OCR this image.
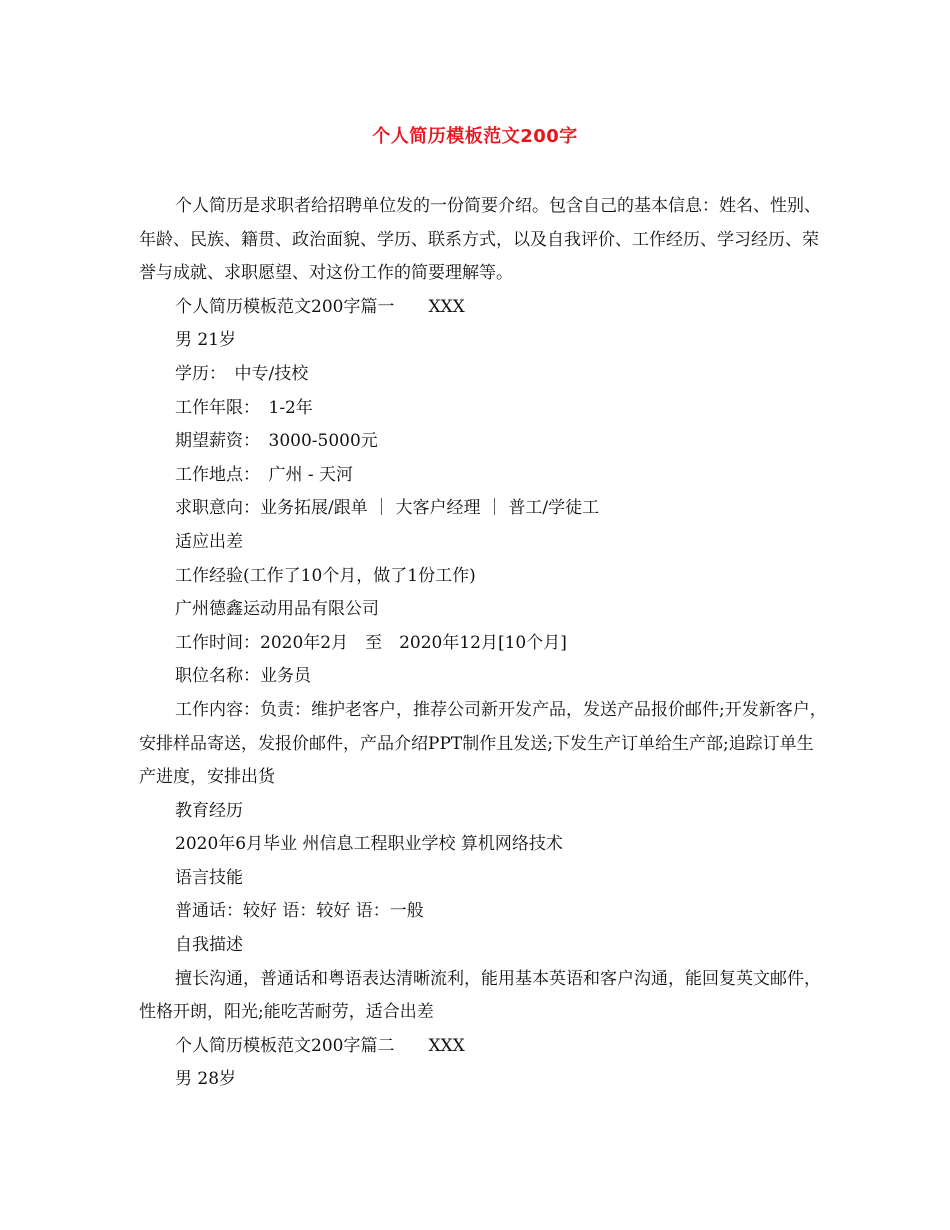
个人简历模板范文200字

个人简历是求职者给招聘单位发的一份简要介绍。包含自己的基本信息：姓名、性别、年龄、民族、籍贯、政治面貌、学历、联系方式，以及自我评价、工作经历、学习经历、荣誉与成就、求职愿望、对这份工作的简要理解等。

个人简历模板范文200字篇一　　XXX

男 21岁

学历：　中专/技校

工作年限：　1-2年

期望薪资：　3000-5000元

工作地点：　广州 - 天河

求职意向：业务拓展/跟单 ｜ 大客户经理 ｜ 普工/学徒工

适应出差

工作经验(工作了10个月，做了1份工作)

广州德鑫运动用品有限公司

工作时间：2020年2月　至　2020年12月[10个月]

职位名称：业务员

工作内容：负责：维护老客户，推荐公司新开发产品，发送产品报价邮件;开发新客户，安排样品寄送，发报价邮件，产品介绍PPT制作且发送;下发生产订单给生产部;追踪订单生产进度，安排出货

教育经历

2020年6月毕业 州信息工程职业学校 算机网络技术

语言技能

普通话：较好 语：较好 语：一般

自我描述

擅长沟通，普通话和粤语表达清晰流利，能用基本英语和客户沟通，能回复英文邮件，性格开朗，阳光;能吃苦耐劳，适合出差

个人简历模板范文200字篇二　　XXX

男 28岁
